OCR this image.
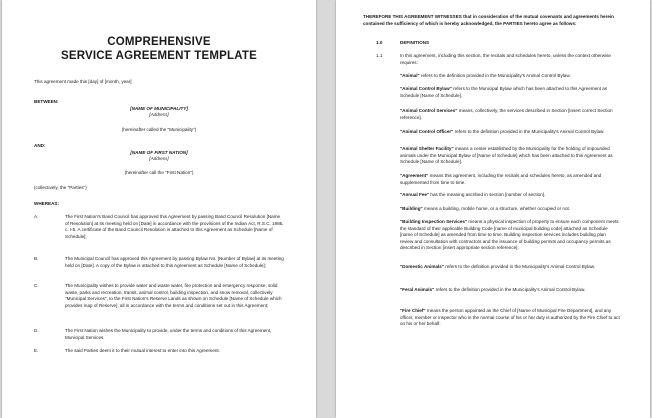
COMPREHENSIVE
SERVICE AGREEMENT TEMPLATE
This agreement made this [day] of [month, year]
BETWEEN:
[NAME OF MUNICIPALITY]
[Address]
(hereinafter called the "Municipality")
AND:
[NAME OF FIRST NATION]
[Address]
(hereinafter call the "First Nation")
(collectively, the "Parties")
WHEREAS:
A.	The First Nation's Band Council has approved this Agreement by passing Band Council Resolution [Name of Resolution] at its meeting held on [Date] in accordance with the provisions of the Indian Act, R.S.C. 1985, c. I-5. A certificate of the Band Council Resolution is attached to this Agreement as Schedule [Name of Schedule];
B.	The Municipal Council has approved this Agreement by passing Bylaw No. [Number of Bylaw] at its meeting held on [Date]. A copy of the Bylaw is attached to this Agreement as Schedule [Name of Schedule];
C.	The Municipality wishes to provide water and waste water, fire protection and emergency response, solid waste, parks and recreation, transit, animal control, building inspection, and snow removal, collectively "Municipal Services", to the First Nation's Reserve Lands as shown on Schedule [Name of Schedule which provides map of Reserve], all in accordance with the terms and conditions set out in this Agreement;
D.	The First Nation wishes the Municipality to provide, under the terms and conditions of this Agreement, Municipal Services.
E.	The said Parties deem it to their mutual interest to enter into this Agreement.
THEREFORE THIS AGREEMENT WITNESSES that in consideration of the mutual covenants and agreements herein contained the sufficiency of which is hereby acknowledged, the PARTIES hereto agree as follows:
1.0	DEFINITIONS
1.1	In this agreement, including this section, the recitals and schedules hereto, unless the context otherwise requires:
"Animal" refers to the definition provided in the Municipality's Animal Control Bylaw.
"Animal Control Bylaw" refers to the Municipal Bylaw which has been attached to this Agreement as Schedule [Name of Schedule].
"Animal Control Services" means, collectively, the services described in Section [Insert correct Section reference].
"Animal Control Officer" refers to the definition provided in the Municipality's Animal Control Bylaw.
"Animal Shelter Facility" means a center established by the Municipality for the holding of impounded animals under the Municipal Bylaw of [Name of Schedule] which has been attached to this Agreement as Schedule [Name of Schedule].
"Agreement" means this agreement, including the recitals and schedules hereto, as amended and supplemented from time to time.
"Annual Fee" has the meaning ascribed in section [number of section].
"Building" means a building, mobile home, or a structure, whether occupied or not.
"Building Inspection Services" means a physical inspection of property to ensure each component meets the standard of their applicable Building Code [name of municipal building code] attached as Schedule [name of Schedule] as amended from time to time. Building inspection services includes building plan review and consultation with contractors and the issuance of building permits and occupancy permits as described in Section [insert appropriate section reference].
"Domestic Animals" refers to the definition provided in the Municipality's Animal Control Bylaw.
"Feral Animals" refers to the definition provided in the Municipality's Animal Control Bylaw.
"Fire Chief" means the person appointed as the Chief of [Name of Municipal Fire Department], and any officer, member or inspector who in the normal course of his or her duty is authorized by the Fire Chief to act on his or her behalf.
